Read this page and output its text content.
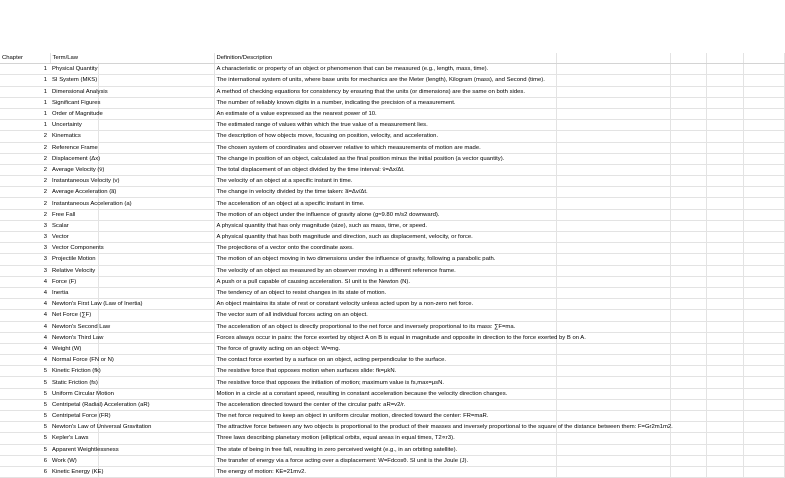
Chapter	Term/Law		Definition/Description				
1	Physical Quantity		A characteristic or property of an object or phenomenon that can be measured (e.g., length, mass, time).				
1	SI System (MKS)		The international system of units, where base units for mechanics are the Meter (length), Kilogram (mass), and Second (time).				
1	Dimensional Analysis		A method of checking equations for consistency by ensuring that the units (or dimensions) are the same on both sides.				
1	Significant Figures		The number of reliably known digits in a number, indicating the precision of a measurement.				
1	Order of Magnitude		An estimate of a value expressed as the nearest power of 10.				
1	Uncertainty		The estimated range of values within which the true value of a measurement lies.				
2	Kinematics		The description of how objects move, focusing on position, velocity, and acceleration.				
2	Reference Frame		The chosen system of coordinates and observer relative to which measurements of motion are made.				
2	Displacement (Δx)		The change in position of an object, calculated as the final position minus the initial position (a vector quantity).				
2	Average Velocity (v̄)		The total displacement of an object divided by the time interval: v̄=Δx/Δt.				
2	Instantaneous Velocity (v)		The velocity of an object at a specific instant in time.				
2	Average Acceleration (a̅)		The change in velocity divided by the time taken: a̅=Δv/Δt.				
2	Instantaneous Acceleration (a)		The acceleration of an object at a specific instant in time.				
2	Free Fall		The motion of an object under the influence of gravity alone (g≈9.80 m/s2 downward).				
3	Scalar		A physical quantity that has only magnitude (size), such as mass, time, or speed.				
3	Vector		A physical quantity that has both magnitude and direction, such as displacement, velocity, or force.				
3	Vector Components		The projections of a vector onto the coordinate axes.				
3	Projectile Motion		The motion of an object moving in two dimensions under the influence of gravity, following a parabolic path.				
3	Relative Velocity		The velocity of an object as measured by an observer moving in a different reference frame.				
4	Force (F)		A push or a pull capable of causing acceleration. SI unit is the Newton (N).				
4	Inertia		The tendency of an object to resist changes in its state of motion.				
4	Newton's First Law (Law of Inertia)		An object maintains its state of rest or constant velocity unless acted upon by a non-zero net force.				
4	Net Force (∑F)		The vector sum of all individual forces acting on an object.				
4	Newton's Second Law		The acceleration of an object is directly proportional to the net force and inversely proportional to its mass: ∑F=ma.				
4	Newton's Third Law		Forces always occur in pairs: the force exerted by object A on B is equal in magnitude and opposite in direction to the force exerted by B on A.				
4	Weight (W)		The force of gravity acting on an object: W=mg.				
4	Normal Force (FN or N)		The contact force exerted by a surface on an object, acting perpendicular to the surface.				
5	Kinetic Friction (fk)		The resistive force that opposes motion when surfaces slide: fk=μkN.				
5	Static Friction (fs)		The resistive force that opposes the initiation of motion; maximum value is fs,max=μsN.				
5	Uniform Circular Motion		Motion in a circle at a constant speed, resulting in constant acceleration because the velocity direction changes.				
5	Centripetal (Radial) Acceleration (aR)		The acceleration directed toward the center of the circular path: aR=v2/r.				
5	Centripetal Force (FR)		The net force required to keep an object in uniform circular motion, directed toward the center: FR=maR.				
5	Newton's Law of Universal Gravitation		The attractive force between any two objects is proportional to the product of their masses and inversely proportional to the square of the distance between them: F=Gr2m1m2.				
5	Kepler's Laws		Three laws describing planetary motion (elliptical orbits, equal areas in equal times, T2∝r3).				
5	Apparent Weightlessness		The state of being in free fall, resulting in zero perceived weight (e.g., in an orbiting satellite).				
6	Work (W)		The transfer of energy via a force acting over a displacement: W=Fdcosθ. SI unit is the Joule (J).				
6	Kinetic Energy (KE)		The energy of motion: KE=21mv2.				
